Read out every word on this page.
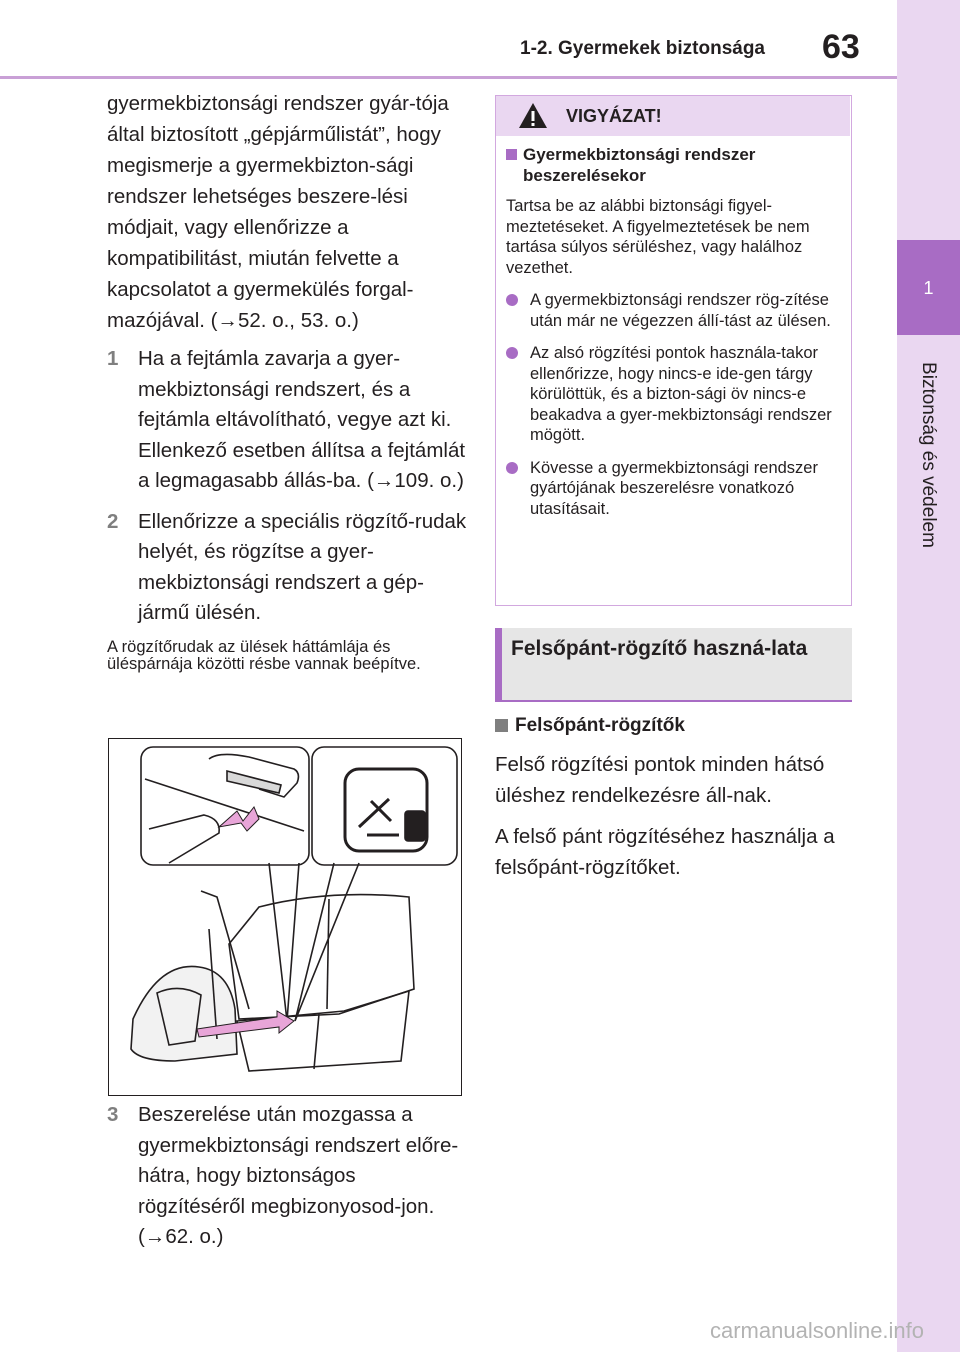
1-2. Gyermekek biztonsága 63
1
Biztonság és védelem

gyermekbiztonsági rendszer gyár-tója által biztosított „gépjárműlistát”, hogy megismerje a gyermekbizton-sági rendszer lehetséges beszere-lési módjait, vagy ellenőrizze a kompatibilitást, miután felvette a kapcsolatot a gyermekülés forgal-mazójával. (→52. o., 53. o.)

1 Ha a fejtámla zavarja a gyer-mekbiztonsági rendszert, és a fejtámla eltávolítható, vegye azt ki. Ellenkező esetben állítsa a fejtámlát a legmagasabb állás-ba. (→109. o.)
2 Ellenőrizze a speciális rögzítő-rudak helyét, és rögzítse a gyer-mekbiztonsági rendszert a gép-jármű ülésén.

A rögzítőrudak az ülések háttámlája és üléspárnája közötti résbe vannak beépítve.

3 Beszerelése után mozgassa a gyermekbiztonsági rendszert előre-hátra, hogy biztonságos rögzítéséről megbizonyosod-jon. (→62. o.)
VIGYÁZAT!
Gyermekbiztonsági rendszer beszerelésekor

Tartsa be az alábbi biztonsági figyel-meztetéseket. A figyelmeztetések be nem tartása súlyos sérüléshez, vagy halálhoz vezethet.

A gyermekbiztonsági rendszer rög-zítése után már ne végezzen állí-tást az ülésen.
Az alsó rögzítési pontok használa-takor ellenőrizze, hogy nincs-e ide-gen tárgy körülöttük, és a bizton-sági öv nincs-e beakadva a gyer-mekbiztonsági rendszer mögött.
Kövesse a gyermekbiztonsági rendszer gyártójának beszerelésre vonatkozó utasításait.
Felsőpánt-rögzítő haszná-lata
Felsőpánt-rögzítők

Felső rögzítési pontok minden hátsó üléshez rendelkezésre áll-nak.

A felső pánt rögzítéséhez használja a felsőpánt-rögzítőket.

carmanualsonline.info
